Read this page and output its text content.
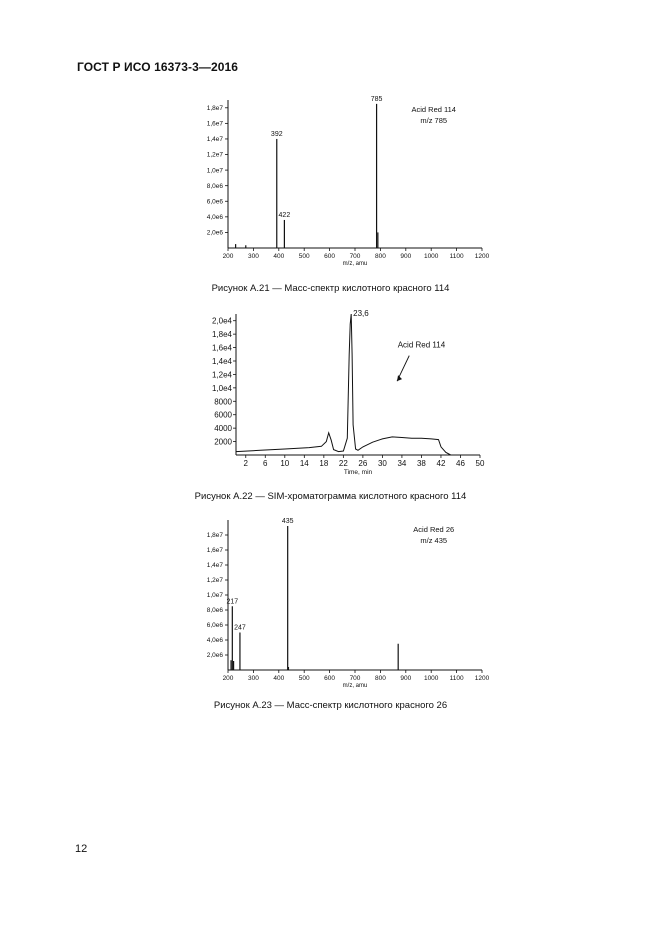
ГОСТ Р ИСО 16373-3—2016
200 300 400 500 600 700 800 900 1000 1100 1200
2,0e6
4,0e6
6,0e6
8,0e6
1,0e7
1,2e7
1,4e7
1,6e7
1,8e7
m/z, amu
392
422
785
Acid Red 114
m/z 785
Рисунок А.21 — Масс-спектр кислотного красного 114
2 6 10 14 18 22 26 30 34 38 42 46 50
2000
4000
6000
8000
1,0e4
1,2e4
1,4e4
1,6e4
1,8e4
2,0e4
Time, min
23,6
Acid Red 114
Рисунок А.22 — SIM-хроматограмма кислотного красного 114
200 300 400 500 600 700 800 900 1000 1100 1200
2,0e6
4,0e6
6,0e6
8,0e6
1,0e7
1,2e7
1,4e7
1,6e7
1,8e7
m/z, amu
217
247
435
Acid Red 26
m/z 435
Рисунок А.23 — Масс-спектр кислотного красного 26
12
